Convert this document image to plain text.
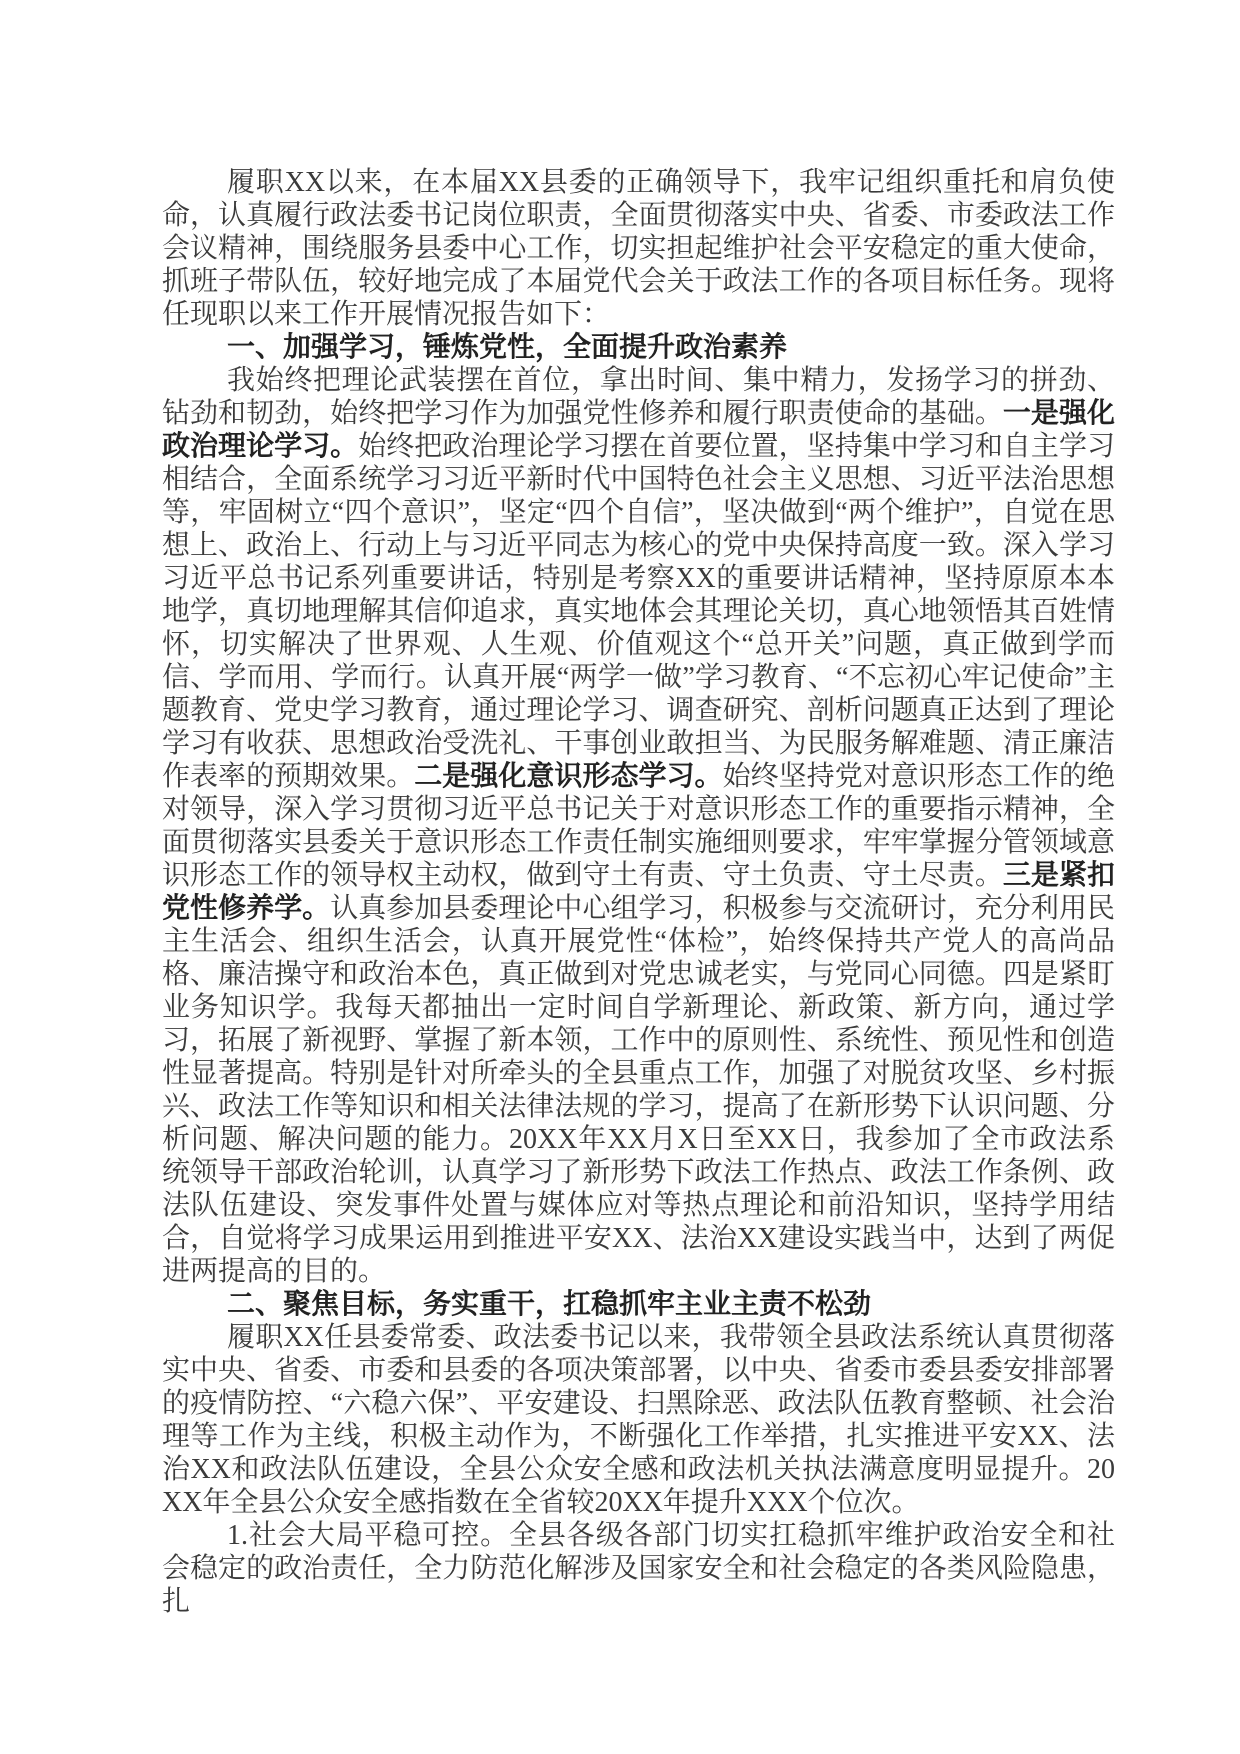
履职XX以来，在本届XX县委的正确领导下，我牢记组织重托和肩负使命，认真履行政法委书记岗位职责，全面贯彻落实中央、省委、市委政法工作会议精神，围绕服务县委中心工作，切实担起维护社会平安稳定的重大使命，抓班子带队伍，较好地完成了本届党代会关于政法工作的各项目标任务。现将任现职以来工作开展情况报告如下：

一、加强学习，锤炼党性，全面提升政治素养

我始终把理论武装摆在首位，拿出时间、集中精力，发扬学习的拼劲、钻劲和韧劲，始终把学习作为加强党性修养和履行职责使命的基础。一是强化政治理论学习。始终把政治理论学习摆在首要位置，坚持集中学习和自主学习相结合，全面系统学习习近平新时代中国特色社会主义思想、习近平法治思想等，牢固树立“四个意识”，坚定“四个自信”，坚决做到“两个维护”，自觉在思想上、政治上、行动上与习近平同志为核心的党中央保持高度一致。深入学习习近平总书记系列重要讲话，特别是考察XX的重要讲话精神，坚持原原本本地学，真切地理解其信仰追求，真实地体会其理论关切，真心地领悟其百姓情怀，切实解决了世界观、人生观、价值观这个“总开关”问题，真正做到学而信、学而用、学而行。认真开展“两学一做”学习教育、“不忘初心牢记使命”主题教育、党史学习教育，通过理论学习、调查研究、剖析问题真正达到了理论学习有收获、思想政治受洗礼、干事创业敢担当、为民服务解难题、清正廉洁作表率的预期效果。二是强化意识形态学习。始终坚持党对意识形态工作的绝对领导，深入学习贯彻习近平总书记关于对意识形态工作的重要指示精神，全面贯彻落实县委关于意识形态工作责任制实施细则要求，牢牢掌握分管领域意识形态工作的领导权主动权，做到守土有责、守土负责、守土尽责。三是紧扣党性修养学。认真参加县委理论中心组学习，积极参与交流研讨，充分利用民主生活会、组织生活会，认真开展党性“体检”，始终保持共产党人的高尚品格、廉洁操守和政治本色，真正做到对党忠诚老实，与党同心同德。四是紧盯业务知识学。我每天都抽出一定时间自学新理论、新政策、新方向，通过学习，拓展了新视野、掌握了新本领，工作中的原则性、系统性、预见性和创造性显著提高。特别是针对所牵头的全县重点工作，加强了对脱贫攻坚、乡村振兴、政法工作等知识和相关法律法规的学习，提高了在新形势下认识问题、分析问题、解决问题的能力。20XX年XX月X日至XX日，我参加了全市政法系统领导干部政治轮训，认真学习了新形势下政法工作热点、政法工作条例、政法队伍建设、突发事件处置与媒体应对等热点理论和前沿知识，坚持学用结合，自觉将学习成果运用到推进平安XX、法治XX建设实践当中，达到了两促进两提高的目的。

二、聚焦目标，务实重干，扛稳抓牢主业主责不松劲

履职XX任县委常委、政法委书记以来，我带领全县政法系统认真贯彻落实中央、省委、市委和县委的各项决策部署，以中央、省委市委县委安排部署的疫情防控、“六稳六保”、平安建设、扫黑除恶、政法队伍教育整顿、社会治理等工作为主线，积极主动作为，不断强化工作举措，扎实推进平安XX、法治XX和政法队伍建设，全县公众安全感和政法机关执法满意度明显提升。20XX年全县公众安全感指数在全省较20XX年提升XXX个位次。

1.社会大局平稳可控。全县各级各部门切实扛稳抓牢维护政治安全和社会稳定的政治责任，全力防范化解涉及国家安全和社会稳定的各类风险隐患，扎
